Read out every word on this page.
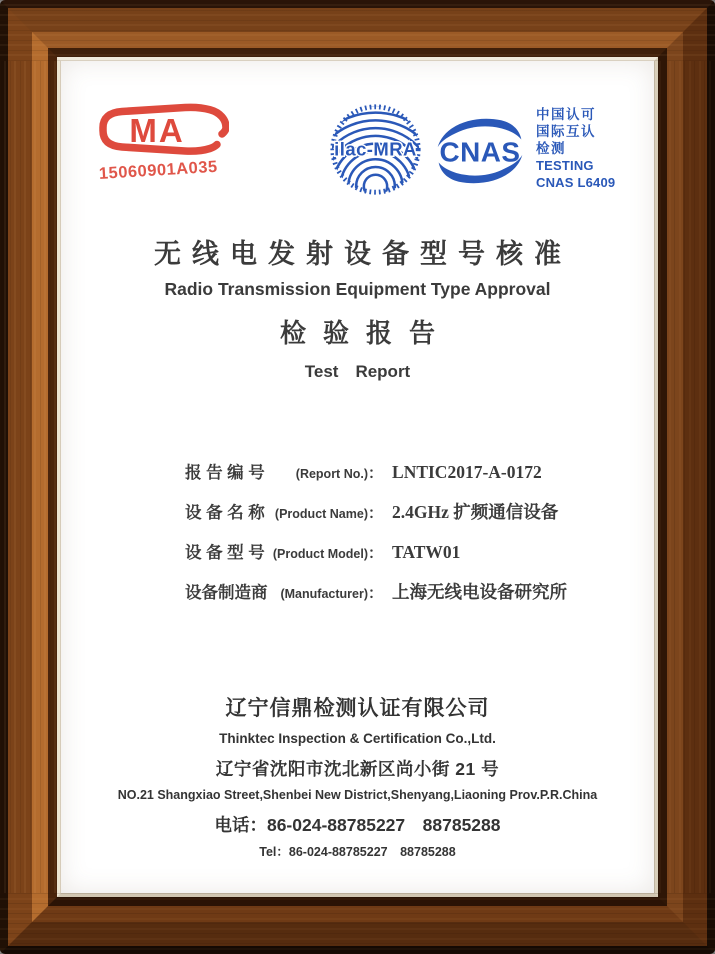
MA
15060901A035
ilac-MRA CNAS
中国认可
国际互认
检测
TESTING
CNAS L6409
无线电发射设备型号核准
Radio Transmission Equipment Type Approval
检验报告
Test　Report
报 告 编 号 (Report No.) ： LNTIC2017-A-0172
设 备 名 称 (Product Name) ： 2.4GHz 扩频通信设备
设 备 型 号 (Product Model) ： TATW01
设备制造商 (Manufacturer) ： 上海无线电设备研究所
辽宁信鼎检测认证有限公司
Thinktec Inspection & Certification Co.,Ltd.
辽宁省沈阳市沈北新区尚小街 21 号
NO.21 Shangxiao Street,Shenbei New District,Shenyang,Liaoning Prov.P.R.China
电话：86-024-88785227　88785288
Tel：86-024-88785227　88785288
